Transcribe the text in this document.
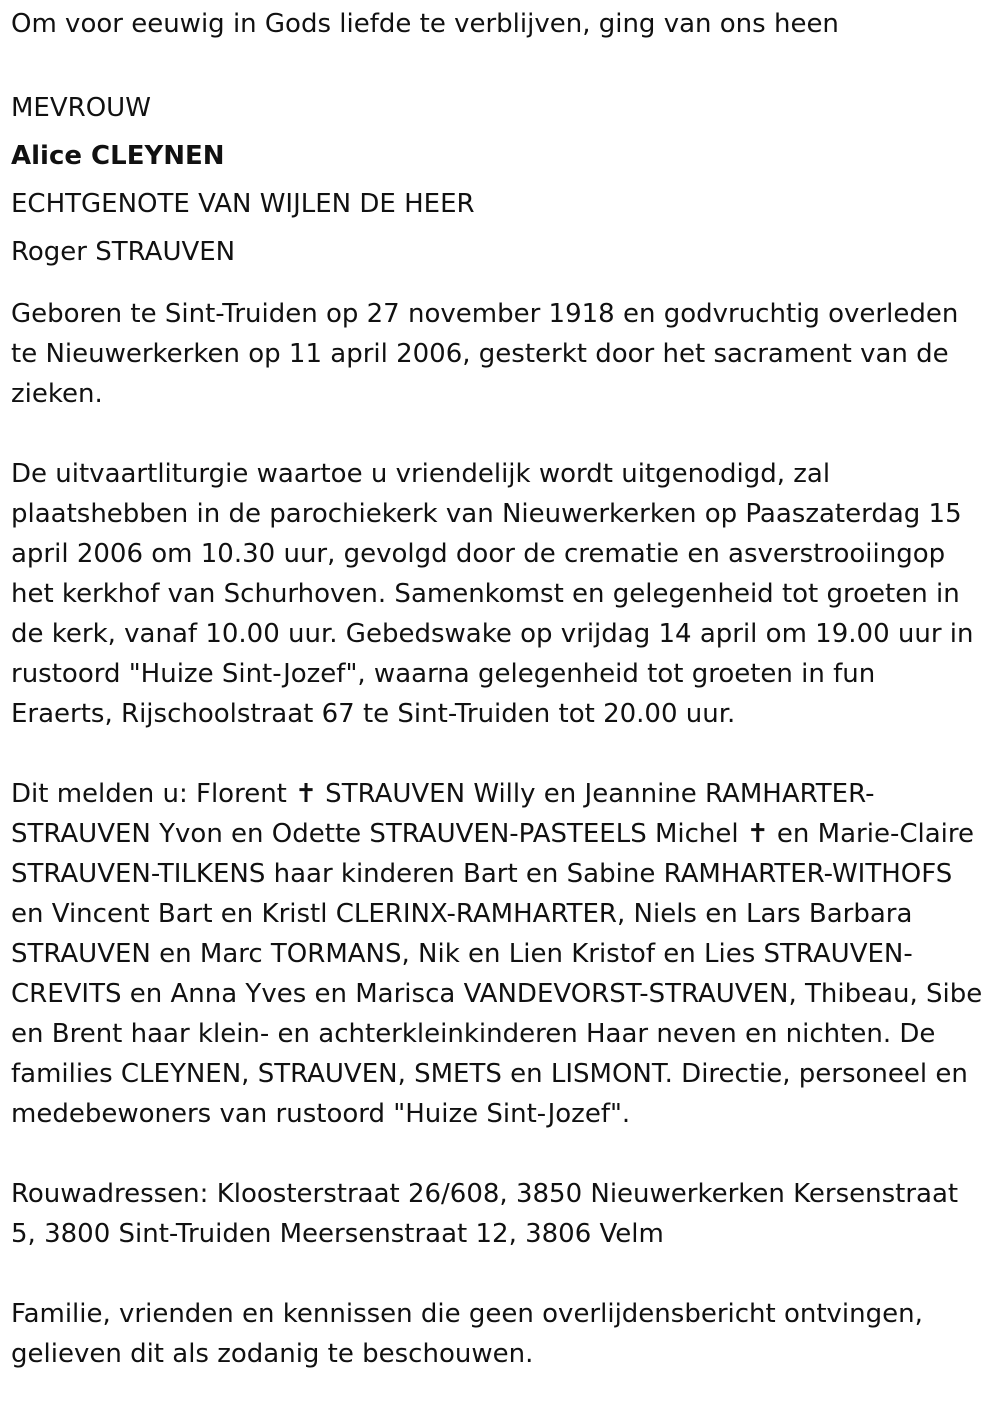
Om voor eeuwig in Gods liefde te verblijven, ging van ons heen

MEVROUW

Alice CLEYNEN

ECHTGENOTE VAN WIJLEN DE HEER

Roger STRAUVEN

Geboren te Sint-Truiden op 27 november 1918 en godvruchtig overleden

te Nieuwerkerken op 11 april 2006, gesterkt door het sacrament van de

zieken.

De uitvaartliturgie waartoe u vriendelijk wordt uitgenodigd, zal

plaatshebben in de parochiekerk van Nieuwerkerken op Paaszaterdag 15

april 2006 om 10.30 uur, gevolgd door de crematie en asverstrooiingop

het kerkhof van Schurhoven. Samenkomst en gelegenheid tot groeten in

de kerk, vanaf 10.00 uur. Gebedswake op vrijdag 14 april om 19.00 uur in

rustoord "Huize Sint-Jozef", waarna gelegenheid tot groeten in fun

Eraerts, Rijschoolstraat 67 te Sint-Truiden tot 20.00 uur.

Dit melden u: Florent ✝ STRAUVEN Willy en Jeannine RAMHARTER-

STRAUVEN Yvon en Odette STRAUVEN-PASTEELS Michel ✝ en Marie-Claire

STRAUVEN-TILKENS haar kinderen Bart en Sabine RAMHARTER-WITHOFS

en Vincent Bart en Kristl CLERINX-RAMHARTER, Niels en Lars Barbara

STRAUVEN en Marc TORMANS, Nik en Lien Kristof en Lies STRAUVEN-

CREVITS en Anna Yves en Marisca VANDEVORST-STRAUVEN, Thibeau, Sibe

en Brent haar klein- en achterkleinkinderen Haar neven en nichten. De

families CLEYNEN, STRAUVEN, SMETS en LISMONT. Directie, personeel en

medebewoners van rustoord "Huize Sint-Jozef".

Rouwadressen: Kloosterstraat 26/608, 3850 Nieuwerkerken Kersenstraat

5, 3800 Sint-Truiden Meersenstraat 12, 3806 Velm

Familie, vrienden en kennissen die geen overlijdensbericht ontvingen,

gelieven dit als zodanig te beschouwen.
